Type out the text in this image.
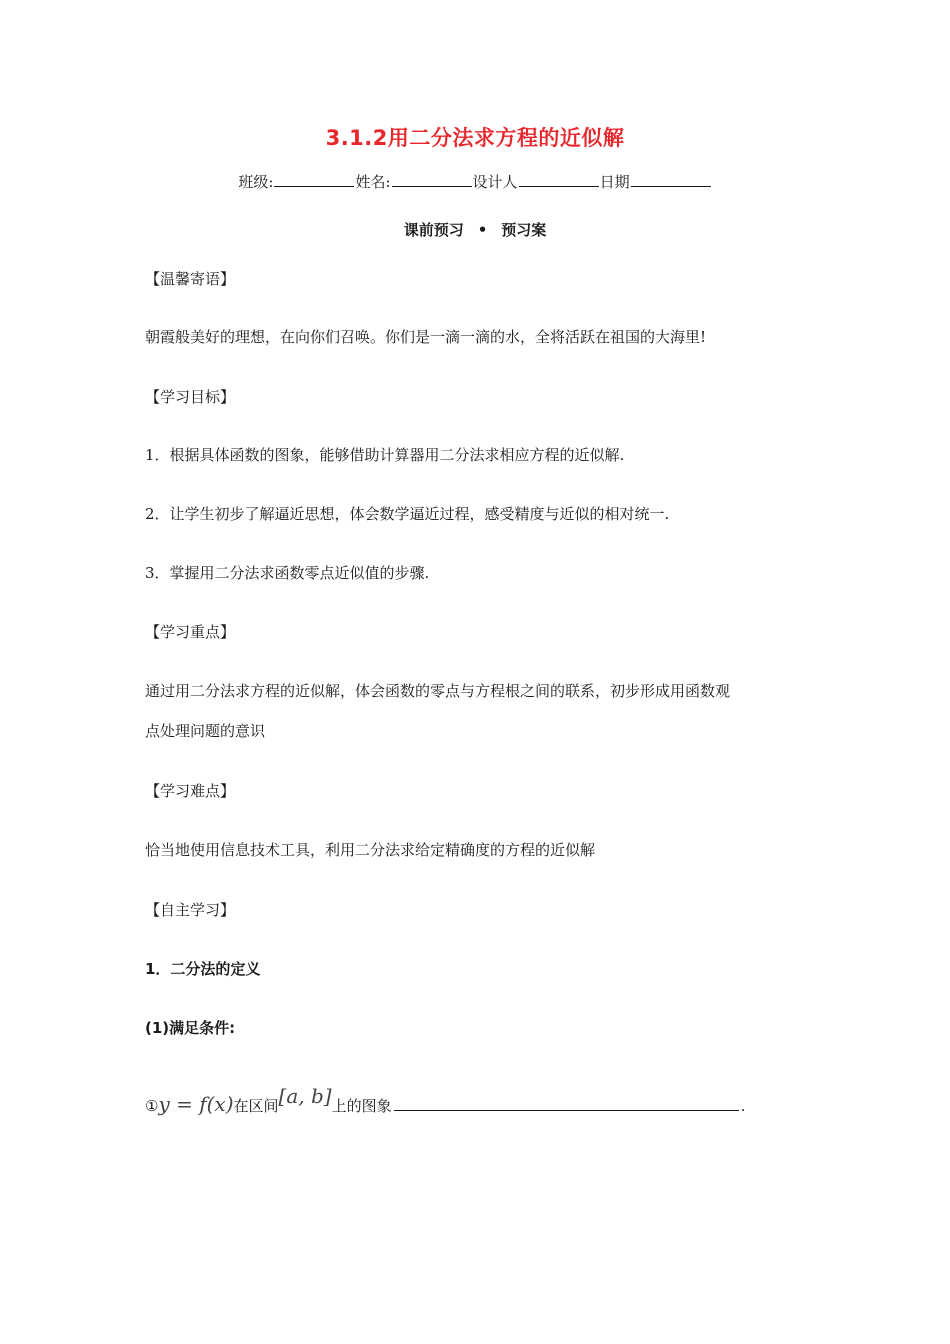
3.1.2用二分法求方程的近似解
班级:	姓名:	设计人	日期
课前预习 • 预习案
【温馨寄语】
朝霞般美好的理想，在向你们召唤。你们是一滴一滴的水，全将活跃在祖国的大海里!
【学习目标】
1．根据具体函数的图象，能够借助计算器用二分法求相应方程的近似解.
2．让学生初步了解逼近思想，体会数学逼近过程，感受精度与近似的相对统一.
3．掌握用二分法求函数零点近似值的步骤.
【学习重点】
通过用二分法求方程的近似解，体会函数的零点与方程根之间的联系，初步形成用函数观
点处理问题的意识
【学习难点】
恰当地使用信息技术工具，利用二分法求给定精确度的方程的近似解
【自主学习】
1．二分法的定义
(1)满足条件:
①y = f(x)在区间[a, b]上的图象	.
